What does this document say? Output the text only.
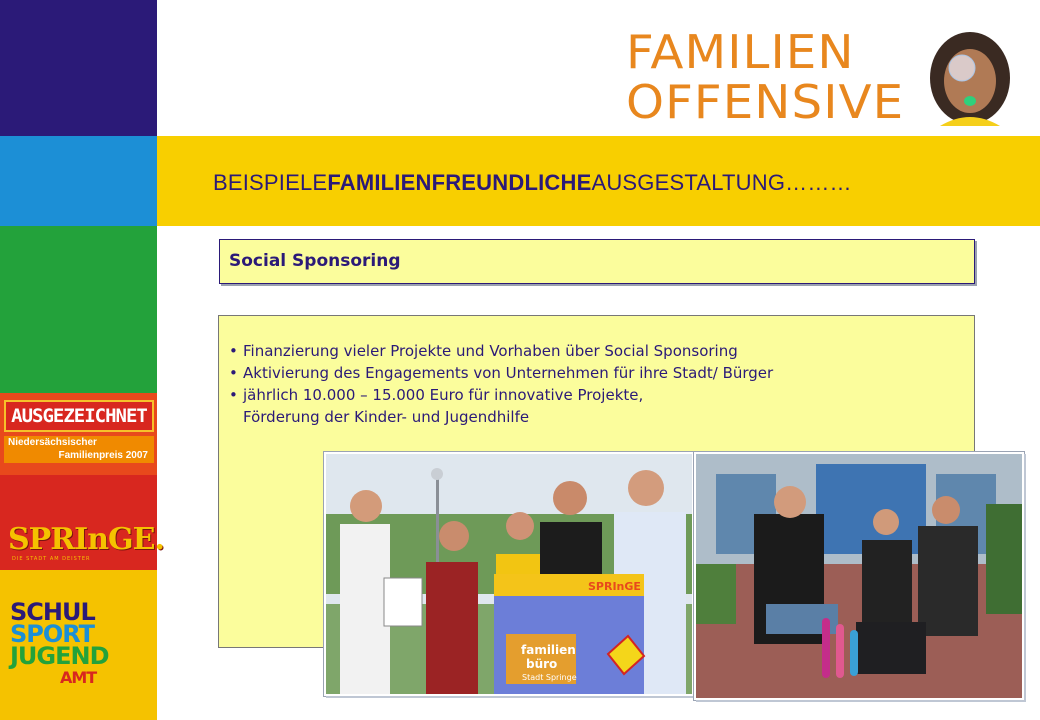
AUSGEZEICHNET
Niedersächsischer
Familienpreis 2007
SPRInGE.
DIE STADT AM DEISTER
SCHUL
SPORT
JUGEND
AMT
FAMILIEN
OFFENSIVE
BEISPIELEFAMILIENFREUNDLICHEAUSGESTALTUNG………
Social Sponsoring
• Finanzierung vieler Projekte und Vorhaben über Social Sponsoring
• Aktivierung des Engagements von Unternehmen für ihre Stadt/ Bürger
• jährlich 10.000 – 15.000 Euro für innovative Projekte,
Förderung der Kinder- und Jugendhilfe
SPRInGE
familien
büro
Stadt Springe
